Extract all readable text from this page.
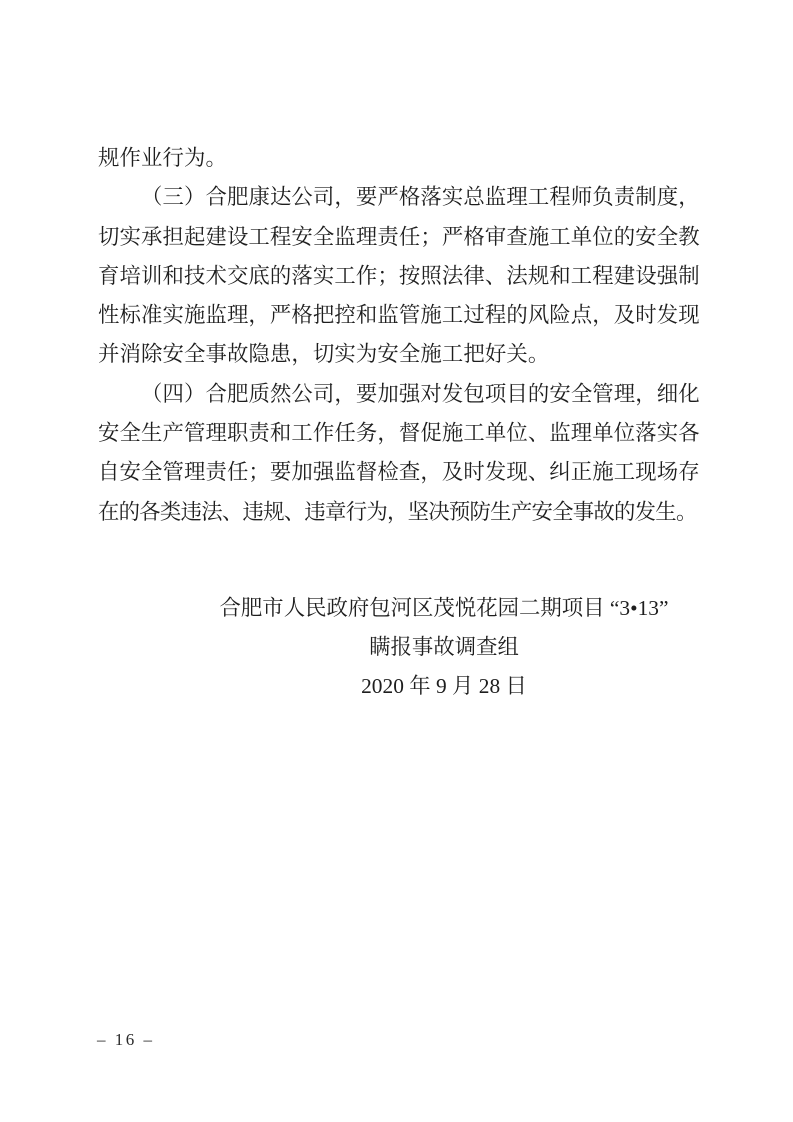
规作业行为。
（三）合肥康达公司，要严格落实总监理工程师负责制度，
切实承担起建设工程安全监理责任；严格审查施工单位的安全教
育培训和技术交底的落实工作；按照法律、法规和工程建设强制
性标准实施监理，严格把控和监管施工过程的风险点，及时发现
并消除安全事故隐患，切实为安全施工把好关。
（四）合肥质然公司，要加强对发包项目的安全管理，细化
安全生产管理职责和工作任务，督促施工单位、监理单位落实各
自安全管理责任；要加强监督检查，及时发现、纠正施工现场存
在的各类违法、违规、违章行为，坚决预防生产安全事故的发生。
合肥市人民政府包河区茂悦花园二期项目 “3•13”
瞒报事故调查组
2020 年 9 月 28 日
– 16 –
